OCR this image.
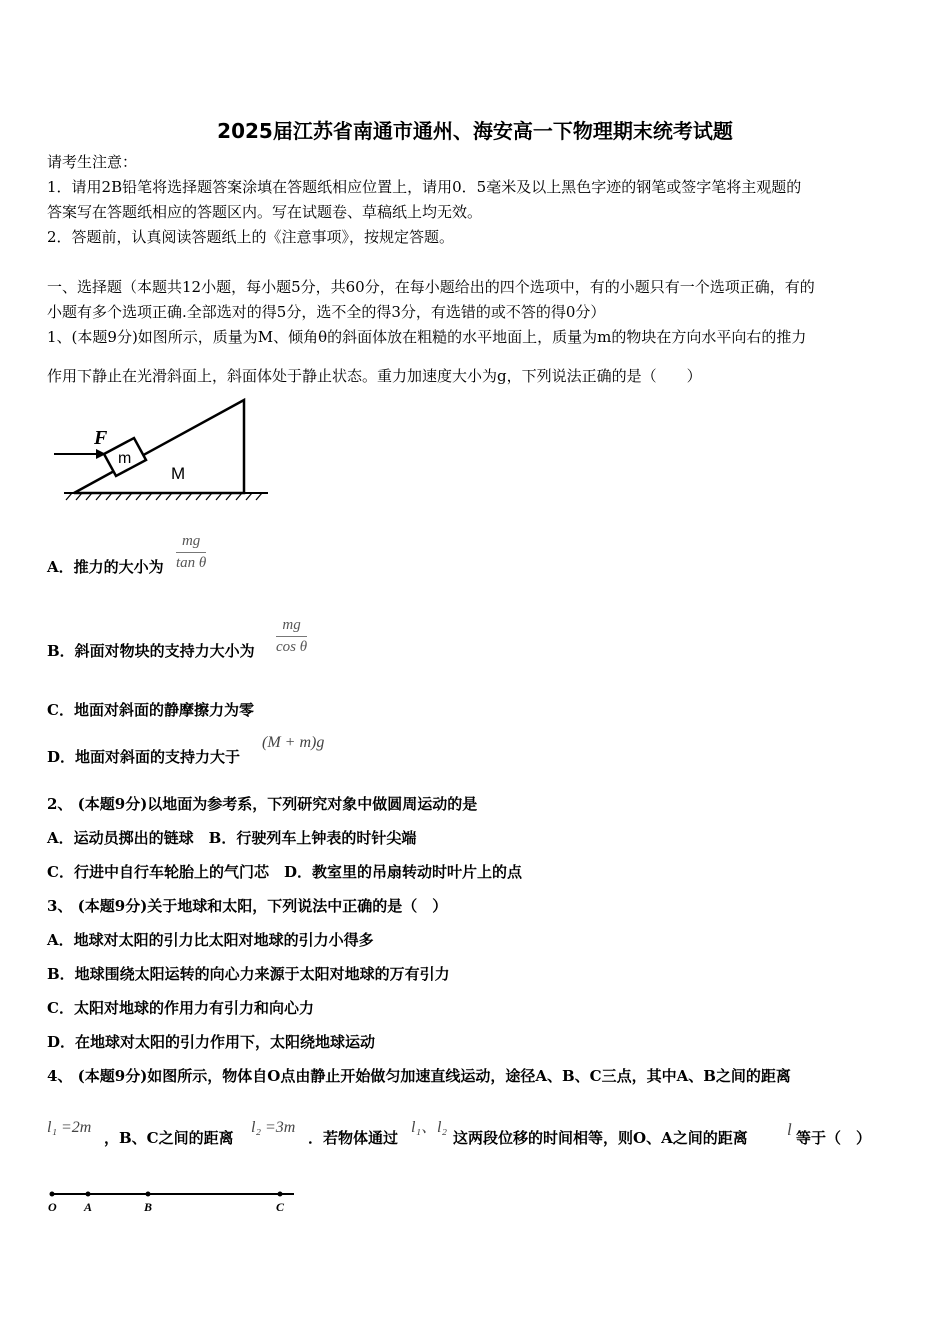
2025届江苏省南通市通州、海安高一下物理期末统考试题
请考生注意：
1．请用2B铅笔将选择题答案涂填在答题纸相应位置上，请用0．5毫米及以上黑色字迹的钢笔或签字笔将主观题的
答案写在答题纸相应的答题区内。写在试题卷、草稿纸上均无效。
2．答题前，认真阅读答题纸上的《注意事项》，按规定答题。
一、选择题（本题共12小题，每小题5分，共60分，在每小题给出的四个选项中，有的小题只有一个选项正确，有的
小题有多个选项正确.全部选对的得5分，选不全的得3分，有选错的或不答的得0分）
1、(本题9分)如图所示，质量为M、倾角θ的斜面体放在粗糙的水平地面上，质量为m的物块在方向水平向右的推力
作用下静止在光滑斜面上，斜面体处于静止状态。重力加速度大小为g，下列说法正确的是（　　）
F
m
M
A．推力的大小为 $\frac{mg}{\text{tan θ}}$
B．斜面对物块的支持力大小为 $\frac{mg}{\text{cos θ}}$
C．地面对斜面的静摩擦力为零
D．地面对斜面的支持力大于
(M + m)g
2、 (本题9分)以地面为参考系，下列研究对象中做圆周运动的是
A．运动员掷出的链球　B．行驶列车上钟表的时针尖端
C．行进中自行车轮胎上的气门芯　D．教室里的吊扇转动时叶片上的点
3、 (本题9分)关于地球和太阳，下列说法中正确的是（　）
A．地球对太阳的引力比太阳对地球的引力小得多
B．地球围绕太阳运转的向心力来源于太阳对地球的万有引力
C．太阳对地球的作用力有引力和向心力
D．在地球对太阳的引力作用下，太阳绕地球运动
4、 (本题9分)如图所示，物体自O点由静止开始做匀加速直线运动，途径A、B、C三点，其中A、B之间的距离
l₁ =2m
，B、C之间的距离
l₂ =3m
．若物体通过
l₁、l₂
这两段位移的时间相等，则O、A之间的距离 l 等于（　）
O A	B	C
